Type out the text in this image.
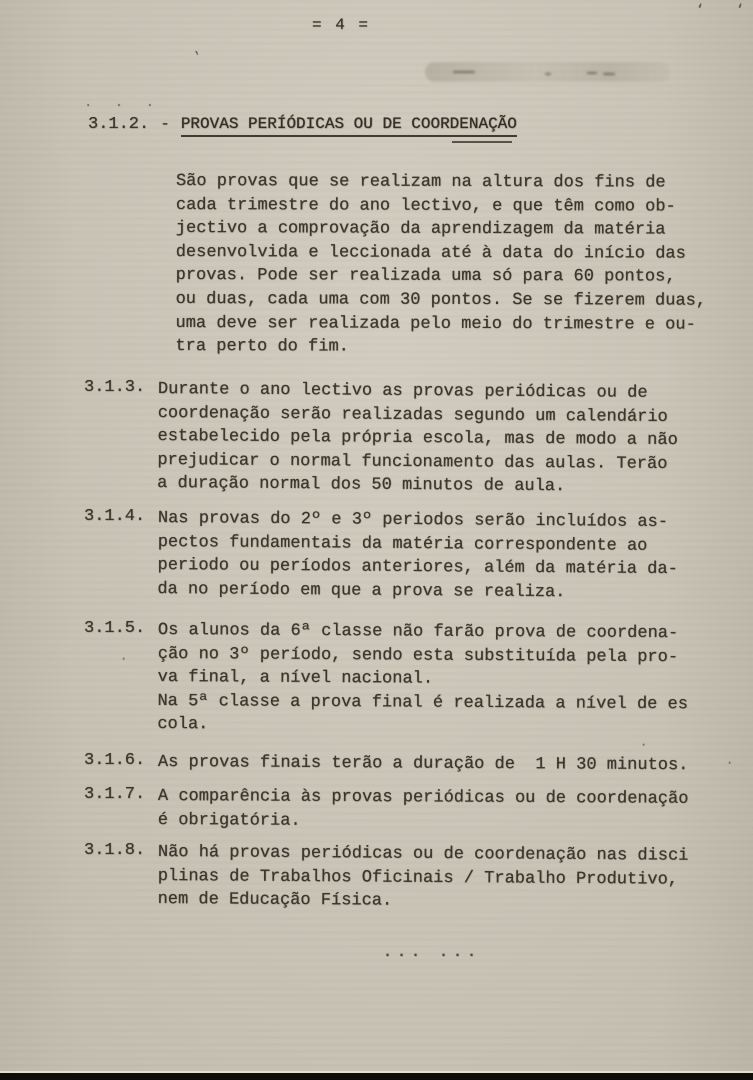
= 4 =
‘ ‘
‛
· · ·
3.1.2. - PROVAS PERÍÓDICAS OU DE COORDENAÇÃO
São provas que se realizam na altura dos fins de
cada trimestre do ano lectivo, e que têm como ob-
jectivo a comprovação da aprendizagem da matéria
desenvolvida e leccionada até à data do início das
provas. Pode ser realizada uma só para 60 pontos,
ou duas, cada uma com 30 pontos. Se se fizerem duas,
uma deve ser realizada pelo meio do trimestre e ou-
tra perto do fim.
3.1.3. Durante o ano lectivo as provas periódicas ou de
coordenação serão realizadas segundo um calendário
estabelecido pela própria escola, mas de modo a não
prejudicar o normal funcionamento das aulas. Terão
a duração normal dos 50 minutos de aula.
3.1.4. Nas provas do 2º e 3º periodos serão incluídos as-
pectos fundamentais da matéria correspondente ao
periodo ou períodos anteriores, além da matéria da-
da no período em que a prova se realiza.
3.1.5. Os alunos da 6ª classe não farão prova de coordena-
ção no 3º período, sendo esta substituída pela pro-
va final, a nível nacional.
Na 5ª classe a prova final é realizada a nível de es
cola.
3.1.6. As provas finais terão a duração de  1 H 30 minutos.
3.1.7. A comparência às provas periódicas ou de coordenação
é obrigatória.
3.1.8. Não há provas periódicas ou de coordenação nas disci
plinas de Trabalhos Oficinais / Trabalho Produtivo,
nem de Educação Física.
·
·
·
... ...
